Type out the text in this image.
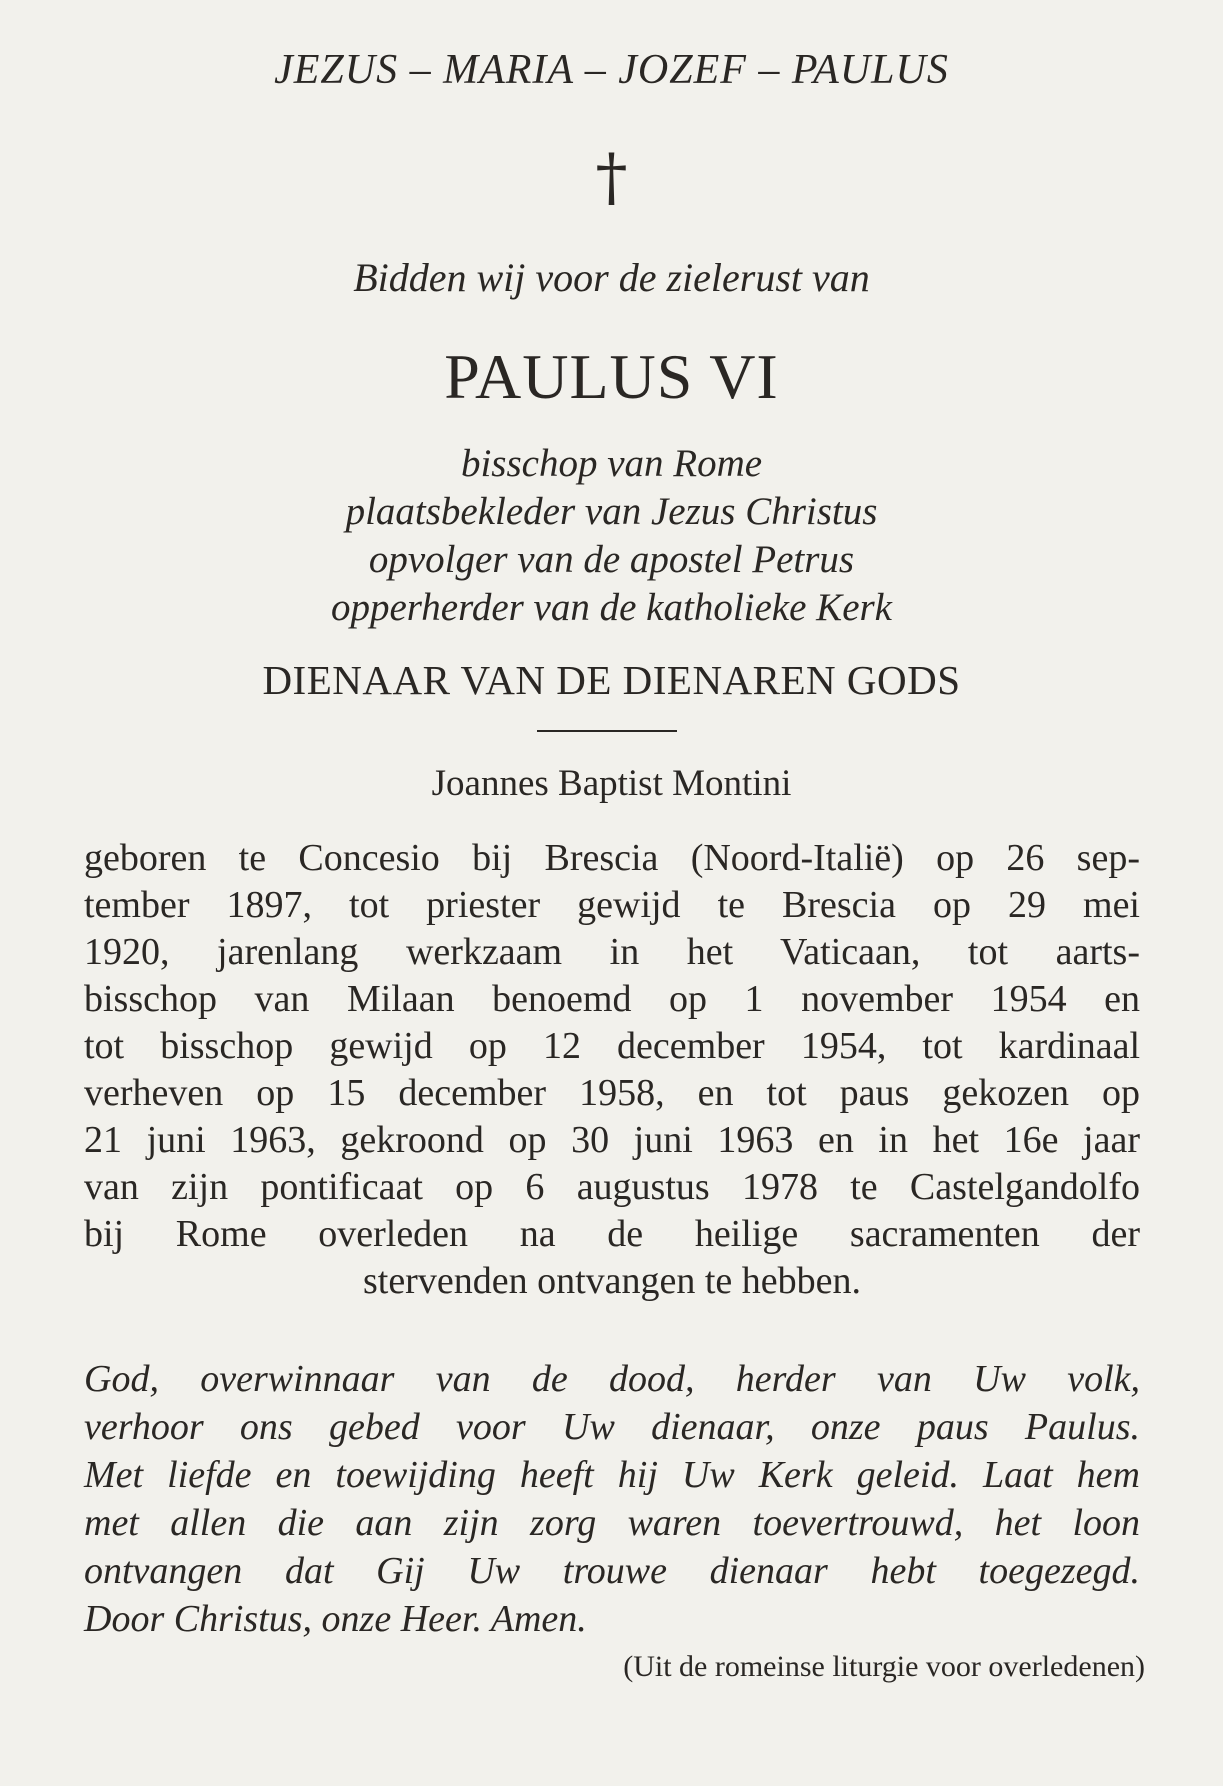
JEZUS – MARIA – JOZEF – PAULUS
†
Bidden wij voor de zielerust van
PAULUS VI
bisschop van Rome
plaatsbekleder van Jezus Christus
opvolger van de apostel Petrus
opperherder van de katholieke Kerk
DIENAAR VAN DE DIENAREN GODS
Joannes Baptist Montini
geboren te Concesio bij Brescia (Noord-Italië) op 26 sep-
tember 1897, tot priester gewijd te Brescia op 29 mei
1920, jarenlang werkzaam in het Vaticaan, tot aarts-
bisschop van Milaan benoemd op 1 november 1954 en
tot bisschop gewijd op 12 december 1954, tot kardinaal
verheven op 15 december 1958, en tot paus gekozen op
21 juni 1963, gekroond op 30 juni 1963 en in het 16e jaar
van zijn pontificaat op 6 augustus 1978 te Castelgandolfo
bij Rome overleden na de heilige sacramenten der
stervenden ontvangen te hebben.
God, overwinnaar van de dood, herder van Uw volk,
verhoor ons gebed voor Uw dienaar, onze paus Paulus.
Met liefde en toewijding heeft hij Uw Kerk geleid. Laat hem
met allen die aan zijn zorg waren toevertrouwd, het loon
ontvangen dat Gij Uw trouwe dienaar hebt toegezegd.
Door Christus, onze Heer. Amen.
(Uit de romeinse liturgie voor overledenen)
